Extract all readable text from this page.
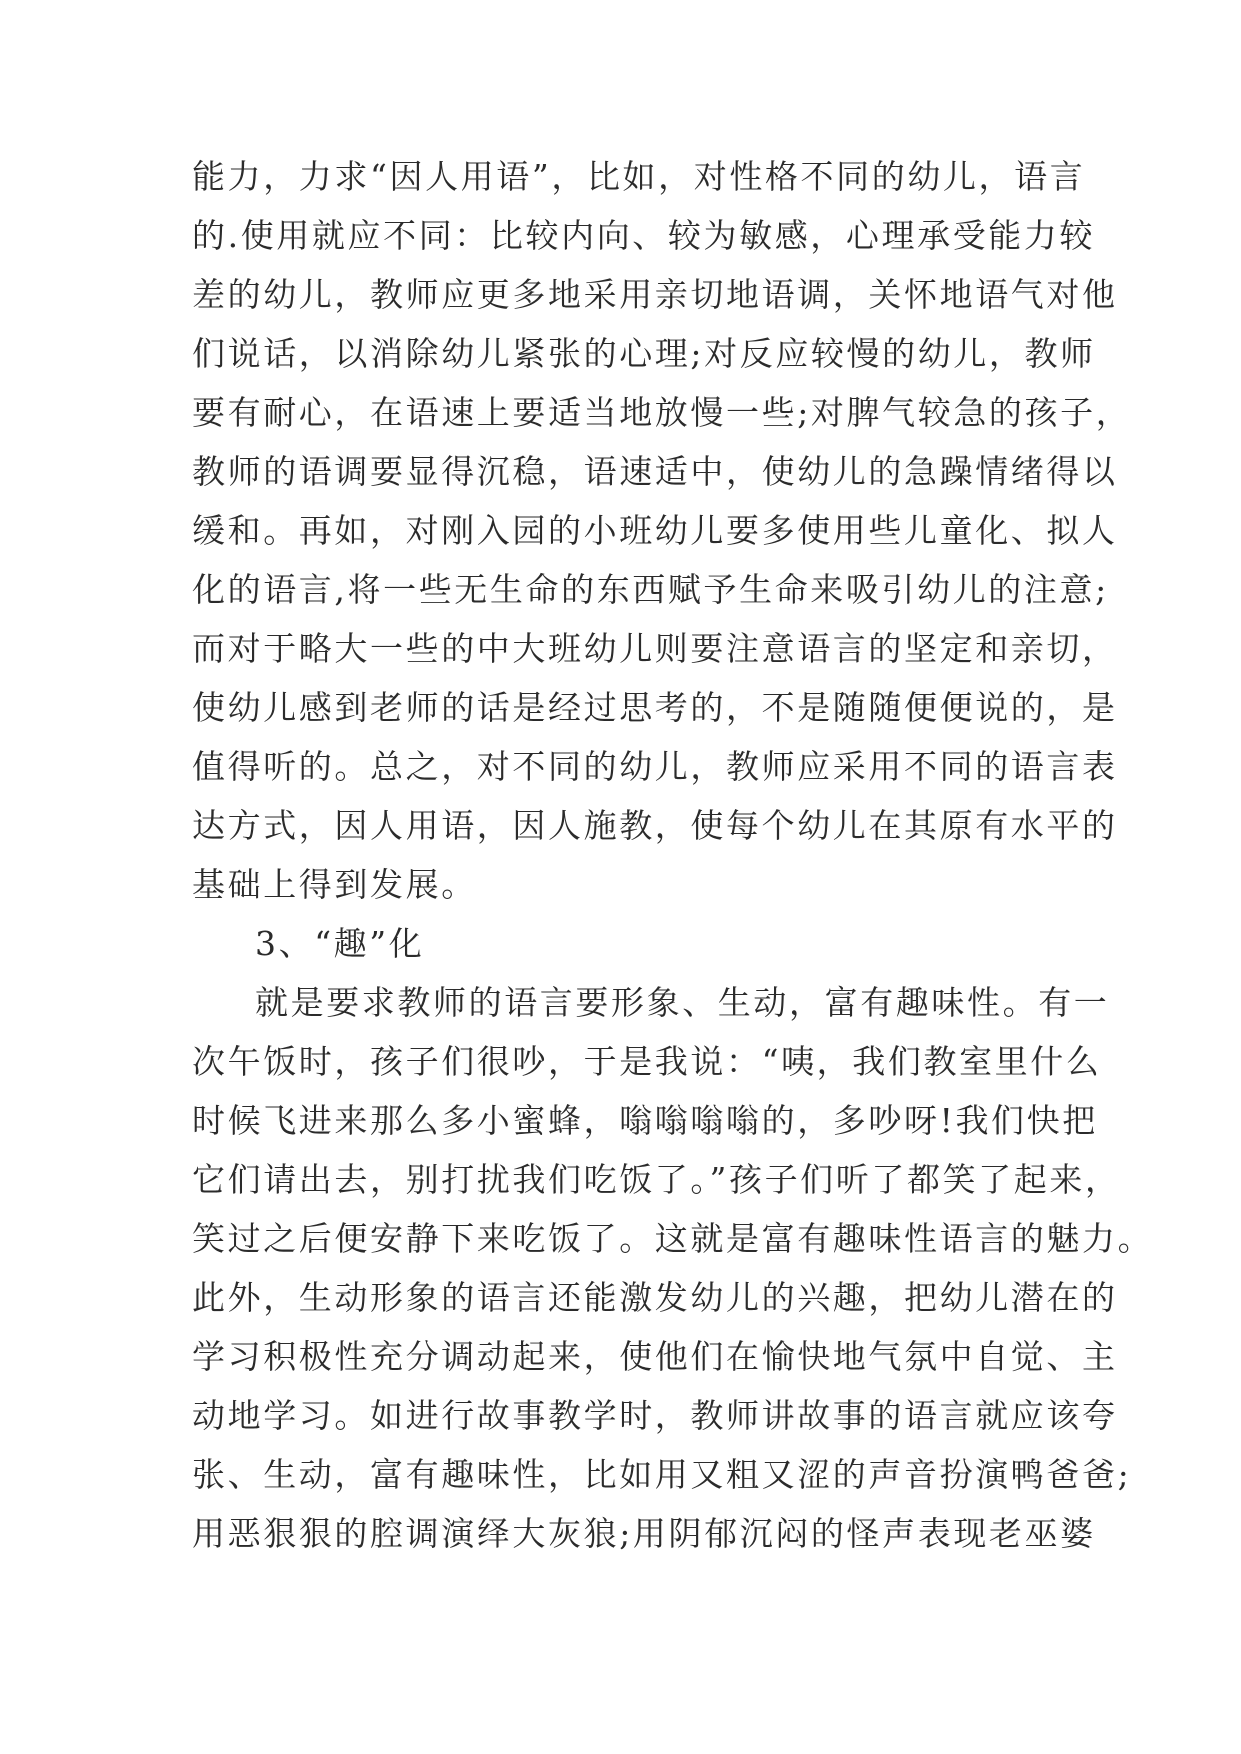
能力，力求“因人用语”，比如，对性格不同的幼儿，语言
的.使用就应不同：比较内向、较为敏感，心理承受能力较
差的幼儿，教师应更多地采用亲切地语调，关怀地语气对他
们说话，以消除幼儿紧张的心理;对反应较慢的幼儿，教师
要有耐心，在语速上要适当地放慢一些;对脾气较急的孩子，
教师的语调要显得沉稳，语速适中，使幼儿的急躁情绪得以
缓和。再如，对刚入园的小班幼儿要多使用些儿童化、拟人
化的语言,将一些无生命的东西赋予生命来吸引幼儿的注意;
而对于略大一些的中大班幼儿则要注意语言的坚定和亲切，
使幼儿感到老师的话是经过思考的，不是随随便便说的，是
值得听的。总之，对不同的幼儿，教师应采用不同的语言表
达方式，因人用语，因人施教，使每个幼儿在其原有水平的
基础上得到发展。
3、“趣”化
就是要求教师的语言要形象、生动，富有趣味性。有一
次午饭时，孩子们很吵，于是我说：“咦，我们教室里什么
时候飞进来那么多小蜜蜂，嗡嗡嗡嗡的，多吵呀!我们快把
它们请出去，别打扰我们吃饭了。”孩子们听了都笑了起来，
笑过之后便安静下来吃饭了。这就是富有趣味性语言的魅力。
此外，生动形象的语言还能激发幼儿的兴趣，把幼儿潜在的
学习积极性充分调动起来，使他们在愉快地气氛中自觉、主
动地学习。如进行故事教学时，教师讲故事的语言就应该夸
张、生动，富有趣味性，比如用又粗又涩的声音扮演鸭爸爸;
用恶狠狠的腔调演绎大灰狼;用阴郁沉闷的怪声表现老巫婆
